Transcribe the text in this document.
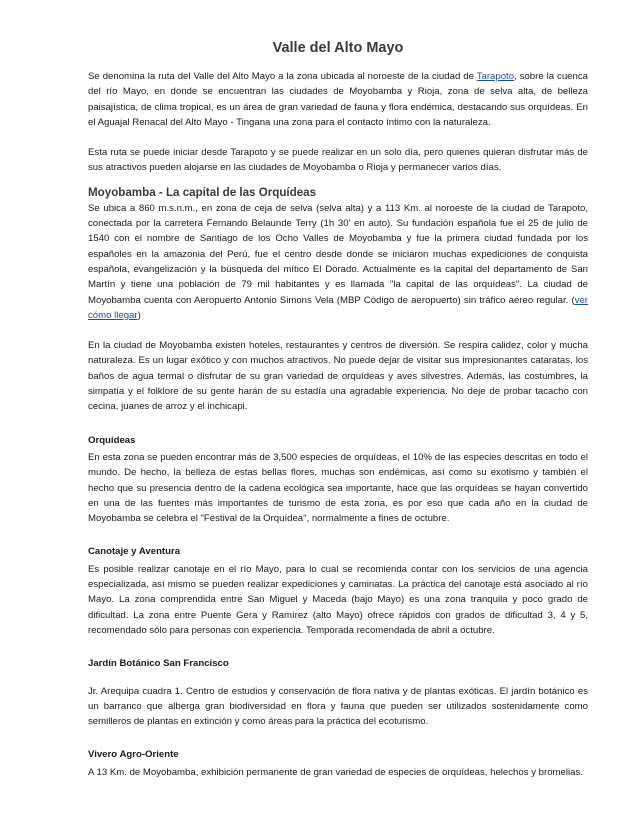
Valle del Alto Mayo

Se denomina la ruta del Valle del Alto Mayo a la zona ubicada al noroeste de la ciudad de Tarapoto, sobre la cuenca del río Mayo, en donde se encuentran las ciudades de Moyobamba y Rioja, zona de selva alta, de belleza paisajística, de clima tropical, es un área de gran variedad de fauna y flora endémica, destacando sus orquídeas. En el Aguajal Renacal del Alto Mayo - Tingana una zona para el contacto íntimo con la naturaleza.

Esta ruta se puede iniciar desde Tarapoto y se puede realizar en un solo día, pero quienes quieran disfrutar más de sus atractivos pueden alojarse en las ciudades de Moyobamba o Rioja y permanecer varios días.

Moyobamba - La capital de las Orquídeas

Se ubica a 860 m.s.n.m., en zona de ceja de selva (selva alta) y a 113 Km. al noroeste de la ciudad de Tarapoto, conectada por la carretera Fernando Belaunde Terry (1h 30' en auto). Su fundación española fue el 25 de julio de 1540 con el nombre de Santiago de los Ocho Valles de Moyobamba y fue la primera ciudad fundada por los españoles en la amazonia del Perú, fue el centro desde donde se iniciaron muchas expediciones de conquista española, evangelización y la búsqueda del mítico El Dorado. Actualmente es la capital del departamento de San Martín y tiene una población de 79 mil habitantes y es llamada "la capital de las orquídeas". La ciudad de Moyobamba cuenta con Aeropuerto Antonio Simons Vela (MBP Código de aeropuerto) sin tráfico aéreo regular. (ver cómo llegar)

En la ciudad de Moyobamba existen hoteles, restaurantes y centros de diversión. Se respira calidez, color y mucha naturaleza. Es un lugar exótico y con muchos atractivos. No puede dejar de visitar sus impresionantes cataratas, los baños de agua termal o disfrutar de su gran variedad de orquídeas y aves silvestres. Además, las costumbres, la simpatía y el folklore de su gente harán de su estadía una agradable experiencia. No deje de probar tacacho con cecina, juanes de arroz y el inchicapi.

Orquídeas

En esta zona se pueden encontrar más de 3,500 especies de orquídeas, el 10% de las especies descritas en todo el mundo. De hecho, la belleza de estas bellas flores, muchas son endémicas, así como su exotismo y también el hecho que su presencia dentro de la cadena ecológica sea importante, hace que las orquídeas se hayan convertido en una de las fuentes más importantes de turismo de esta zona, es por eso que cada año en la ciudad de Moyobamba se celebra el "Festival de la Orquídea", normalmente a fines de octubre.

Canotaje y Aventura

Es posible realizar canotaje en el río Mayo, para lo cual se recomienda contar con los servicios de una agencia especializada, así mismo se pueden realizar expediciones y caminatas. La práctica del canotaje está asociado al río Mayo. La zona comprendida entre San Miguel y Maceda (bajo Mayo) es una zona tranquila y poco grado de dificultad. La zona entre Puente Gera y Ramírez (alto Mayo) ofrece rápidos con grados de dificultad 3, 4 y 5, recomendado sólo para personas con experiencia. Temporada recomendada de abril a octubre.

Jardín Botánico San Francisco

Jr. Arequipa cuadra 1. Centro de estudios y conservación de flora nativa y de plantas exóticas. El jardín botánico es un barranco que alberga gran biodiversidad en flora y fauna que pueden ser utilizados sostenidamente como semilleros de plantas en extinción y como áreas para la práctica del ecoturismo.

Vivero Agro-Oriente

A 13 Km. de Moyobamba, exhibición permanente de gran variedad de especies de orquídeas, helechos y bromelias.
